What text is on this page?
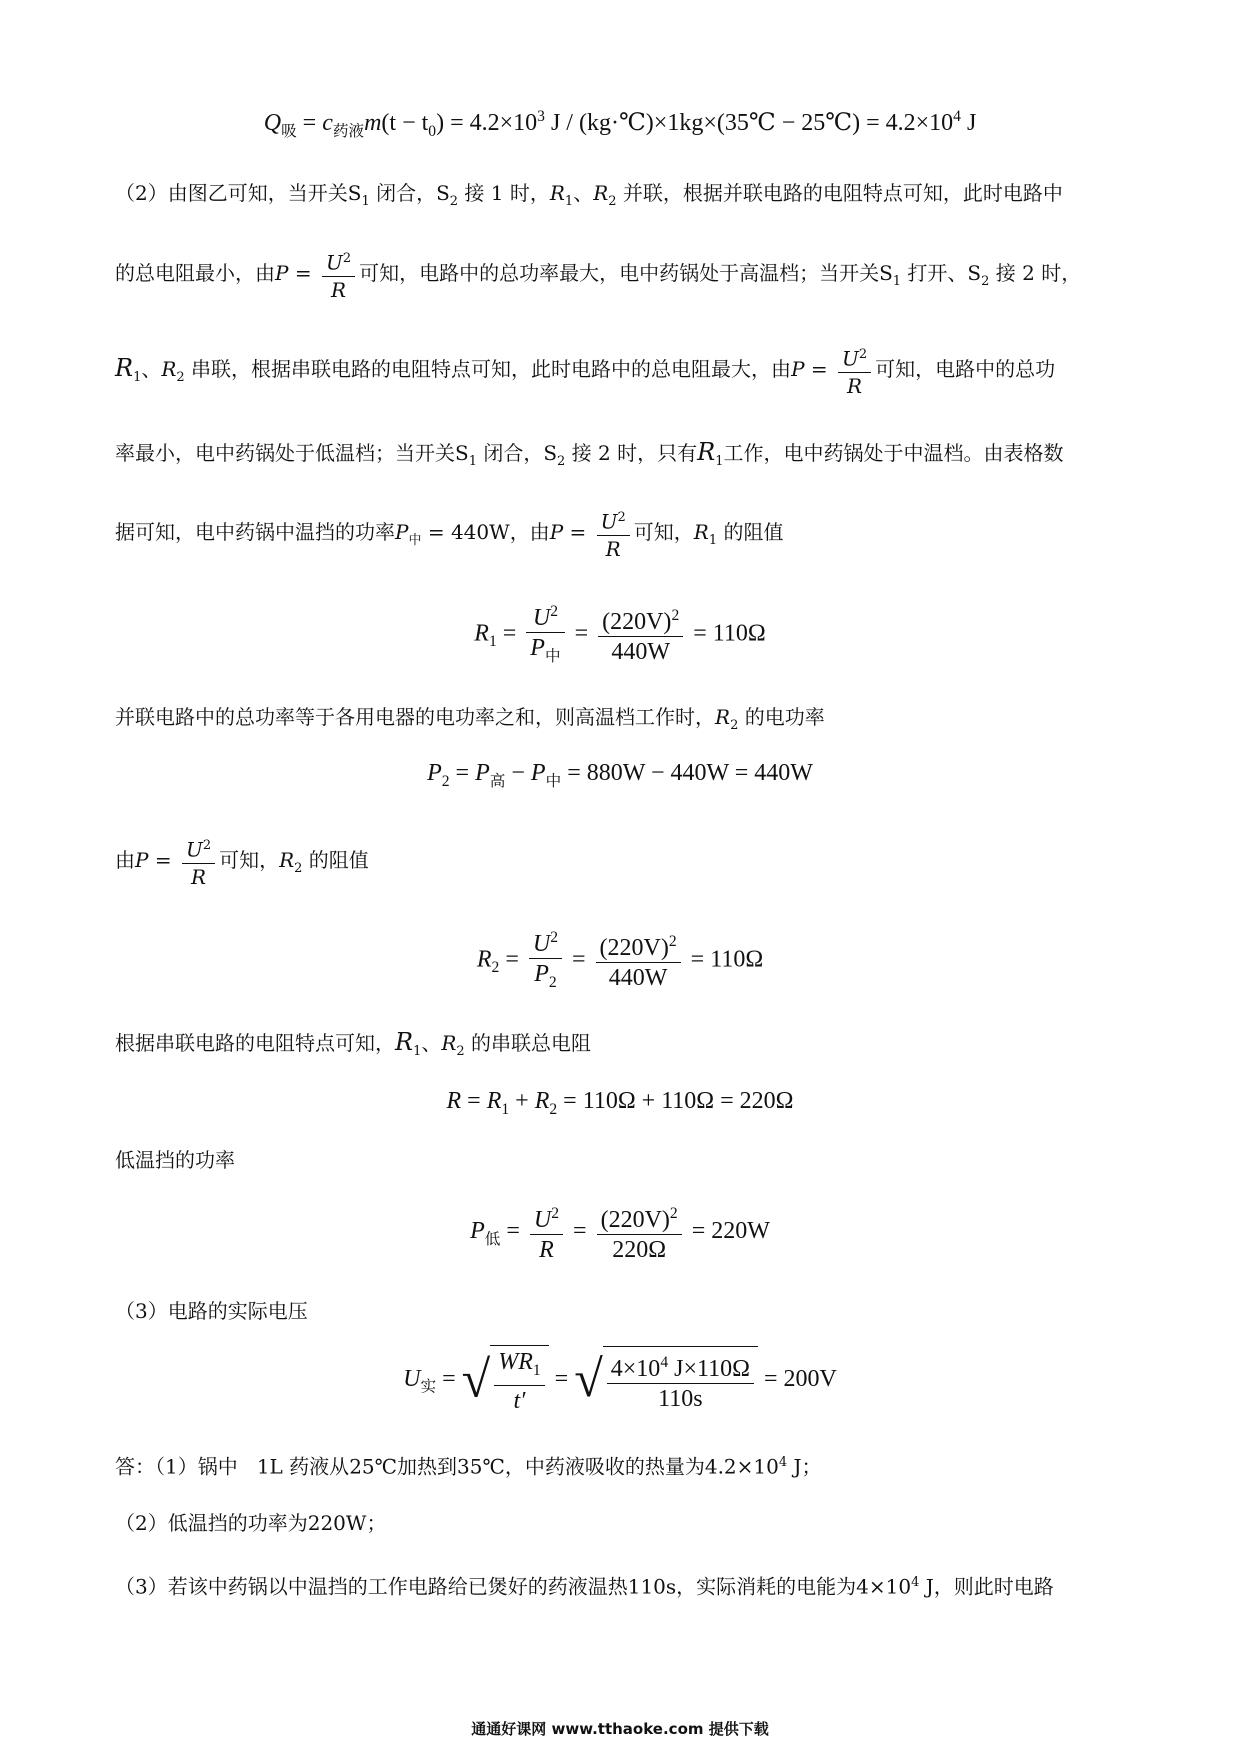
$Q_吸 = c_{药液}m(t - t_0) = 4.2\times 10^3$ J / (kg·℃)×1kg×(35℃ − 25℃) = $4.2\times 10^4$ J
（2）由图乙可知，当开关$S_1$ 闭合，$S_2$ 接 1 时，$R_1$、$R_2$ 并联，根据并联电路的电阻特点可知，此时电路中
的总电阻最小，由$P = \frac{U^2}{R}$ 可知，电路中的总功率最大，电中药锅处于高温档；当开关$S_1$ 打开、$S_2$ 接 2 时，
$R_1$、$R_2$ 串联，根据串联电路的电阻特点可知，此时电路中的总电阻最大，由$P = \frac{U^2}{R}$ 可知，电路中的总功
率最小，电中药锅处于低温档；当开关$S_1$ 闭合，$S_2$ 接 2 时，只有$R_1$工作，电中药锅处于中温档。由表格数
据可知，电中药锅中温挡的功率$P_中 = 440W$，由$P = \frac{U^2}{R}$ 可知，$R_1$ 的阻值
$R_1 = \frac{U^2}{P_中} = \frac{(220V)^2}{440W} = 110\Omega$
并联电路中的总功率等于各用电器的电功率之和，则高温档工作时，$R_2$ 的电功率
$P_2 = P_高 - P_中 = 880W - 440W = 440W$
由$P = \frac{U^2}{R}$ 可知，$R_2$ 的阻值
$R_2 = \frac{U^2}{P_2} = \frac{(220V)^2}{440W} = 110\Omega$
根据串联电路的电阻特点可知，$R_1$、$R_2$ 的串联总电阻
$R = R_1 + R_2 = 110\Omega + 110\Omega = 220\Omega$
低温挡的功率
$P_低 = \frac{U^2}{R} = \frac{(220V)^2}{220\Omega} = 220W$
（3）电路的实际电压
$U_实$ = √ $\frac{WR_1}{t'}$ = √ $\frac{4\times 10^4 J\times 110\Omega}{110s} = 200V$
答：（1）锅中 1L 药液从25℃加热到35℃，中药液吸收的热量为$4.2\times 10^4$ J；
（2）低温挡的功率为220W；
（3）若该中药锅以中温挡的工作电路给已煲好的药液温热110s，实际消耗的电能为$4\times 10^4$ J，则此时电路
通通好课网 www.tthaoke.com 提供下载
